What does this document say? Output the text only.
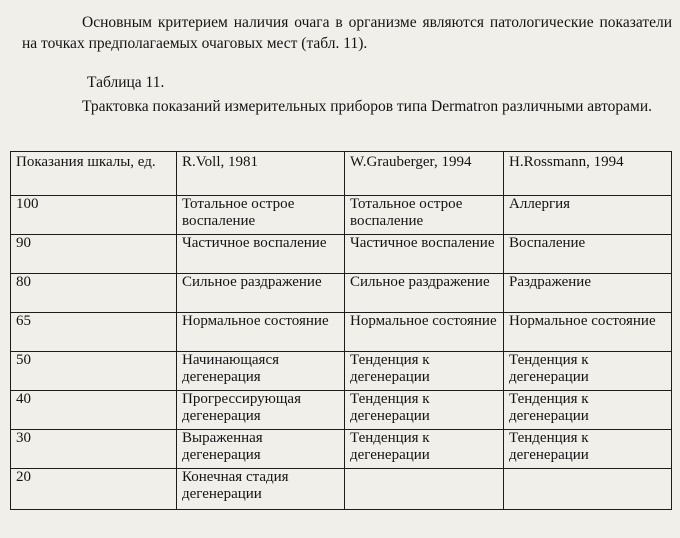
Основным критерием наличия очага в организме являются патологические показатели на точках предполагаемых очаговых мест (табл. 11).

Таблица 11.

Трактовка показаний измерительных приборов типа Dermatron различными авторами.

Показания шкалы, ед.	R.Voll, 1981	W.Grauberger, 1994	H.Rossmann, 1994
100	Тотальное острое воспаление	Тотальное острое воспаление	Аллергия
90	Частичное воспаление	Частичное воспаление	Воспаление
80	Сильное раздражение	Сильное раздражение	Раздражение
65	Нормальное состояние	Нормальное состояние	Нормальное состояние
50	Начинающаяся дегенерация	Тенденция к дегенерации	Тенденция к дегенерации
40	Прогрессирующая дегенерация	Тенденция к дегенерации	Тенденция к дегенерации
30	Выраженная дегенерация	Тенденция к дегенерации	Тенденция к дегенерации
20	Конечная стадия дегенерации		
